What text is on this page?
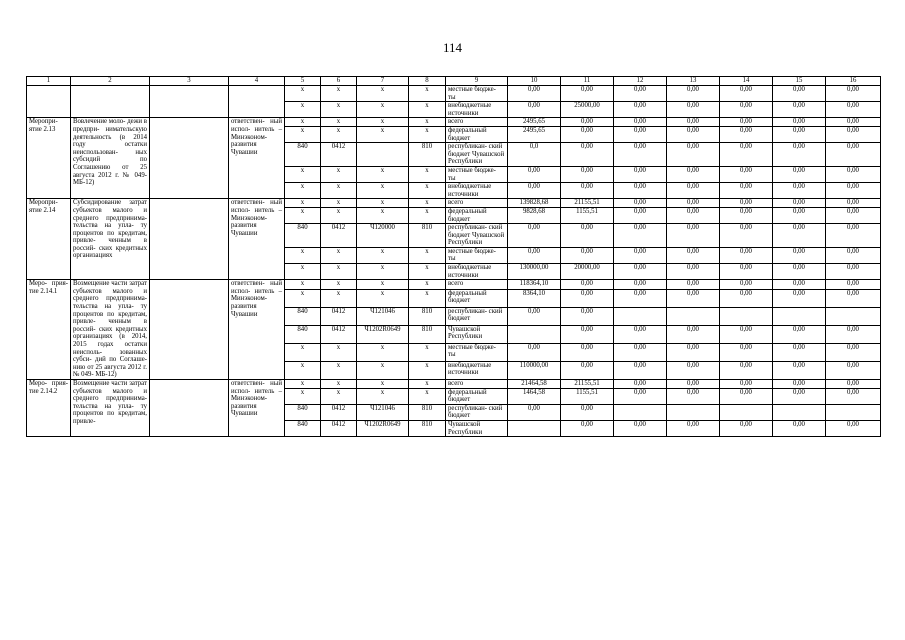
114
1	2	3	4	5	6	7	8	9	10	11	12	13	14	15	16
				x	x	x	x	местные бюдже- ты	0,00	0,00	0,00	0,00	0,00	0,00	0,00
				x	x	x	x	внебюджетные источники	0,00	25000,00	0,00	0,00	0,00	0,00	0,00
Меропри- ятие 2.13	Вовлечение моло- дежи в предпри- нимательскую деятельность (в 2014 году остатки неиспользован- ных субсидий по Соглашению от 25 августа 2012 г. № 049-МБ-12)		ответствен- ный испол- нитель – Минэконом- развития Чувашии	x	x	x	x	всего	2495,65	0,00	0,00	0,00	0,00	0,00	0,00
				x	x	x	x	федеральный бюджет	2495,65	0,00	0,00	0,00	0,00	0,00	0,00
				840	0412		810	республикан- ский бюджет Чувашской Республики	0,0	0,00	0,00	0,00	0,00	0,00	0,00
				x	x	x	x	местные бюдже- ты	0,00	0,00	0,00	0,00	0,00	0,00	0,00
				x	x	x	x	внебюджетные источники	0,00	0,00	0,00	0,00	0,00	0,00	0,00
Меропри- ятие 2.14	Субсидирование затрат субъектов малого и среднего предпринима- тельства на упла- ту процентов по кредитам, привле- ченным в россий- ских кредитных организациях		ответствен- ный испол- нитель – Минэконом- развития Чувашии	x	x	x	x	всего	139828,68	21155,51	0,00	0,00	0,00	0,00	0,00
				x	x	x	x	федеральный бюджет	9828,68	1155,51	0,00	0,00	0,00	0,00	0,00
				840	0412	Ч120000	810	республикан- ский бюджет Чувашской Республики	0,00	0,00	0,00	0,00	0,00	0,00	0,00
				x	x	x	x	местные бюдже- ты	0,00	0,00	0,00	0,00	0,00	0,00	0,00
				x	x	x	x	внебюджетные источники	130000,00	20000,00	0,00	0,00	0,00	0,00	0,00
Меро- прия- тие 2.14.1	Возмещение части затрат субъектов малого и среднего предпринима- тельства на упла- ту процентов по кредитам, привле- ченным в россий- ских кредитных организациях (в 2014, 2015 годах остатки неисполь- зованных субси- дий по Соглаше- нию от 25 августа 2012 г. № 049- МБ-12)		ответствен- ный испол- нитель – Минэконом- развития Чувашии	x	x	x	x	всего	118364,10	0,00	0,00	0,00	0,00	0,00	0,00
				x	x	x	x	федеральный бюджет	8364,10	0,00	0,00	0,00	0,00	0,00	0,00
				840	0412	Ч121046	810	республикан- ский бюджет	0,00	0,00					
				840	0412	Ч1202R0649	810	Чувашской Республики		0,00	0,00	0,00	0,00	0,00	0,00
				x	x	x	x	местные бюдже- ты	0,00	0,00	0,00	0,00	0,00	0,00	0,00
				x	x	x	x	внебюджетные источники	110000,00	0,00	0,00	0,00	0,00	0,00	0,00
Меро- прия- тие 2.14.2	Возмещение части затрат субъектов малого и среднего предпринима- тельства на упла- ту процентов по кредитам, привле-		ответствен- ный испол- нитель – Минэконом- развития Чувашии	x	x	x	x	всего	21464,58	21155,51	0,00	0,00	0,00	0,00	0,00
				x	x	x	x	федеральный бюджет	1464,58	1155,51	0,00	0,00	0,00	0,00	0,00
				840	0412	Ч121046	810	республикан- ский бюджет	0,00	0,00					
				840	0412	Ч1202R0649	810	Чувашской Республики		0,00	0,00	0,00	0,00	0,00	0,00
